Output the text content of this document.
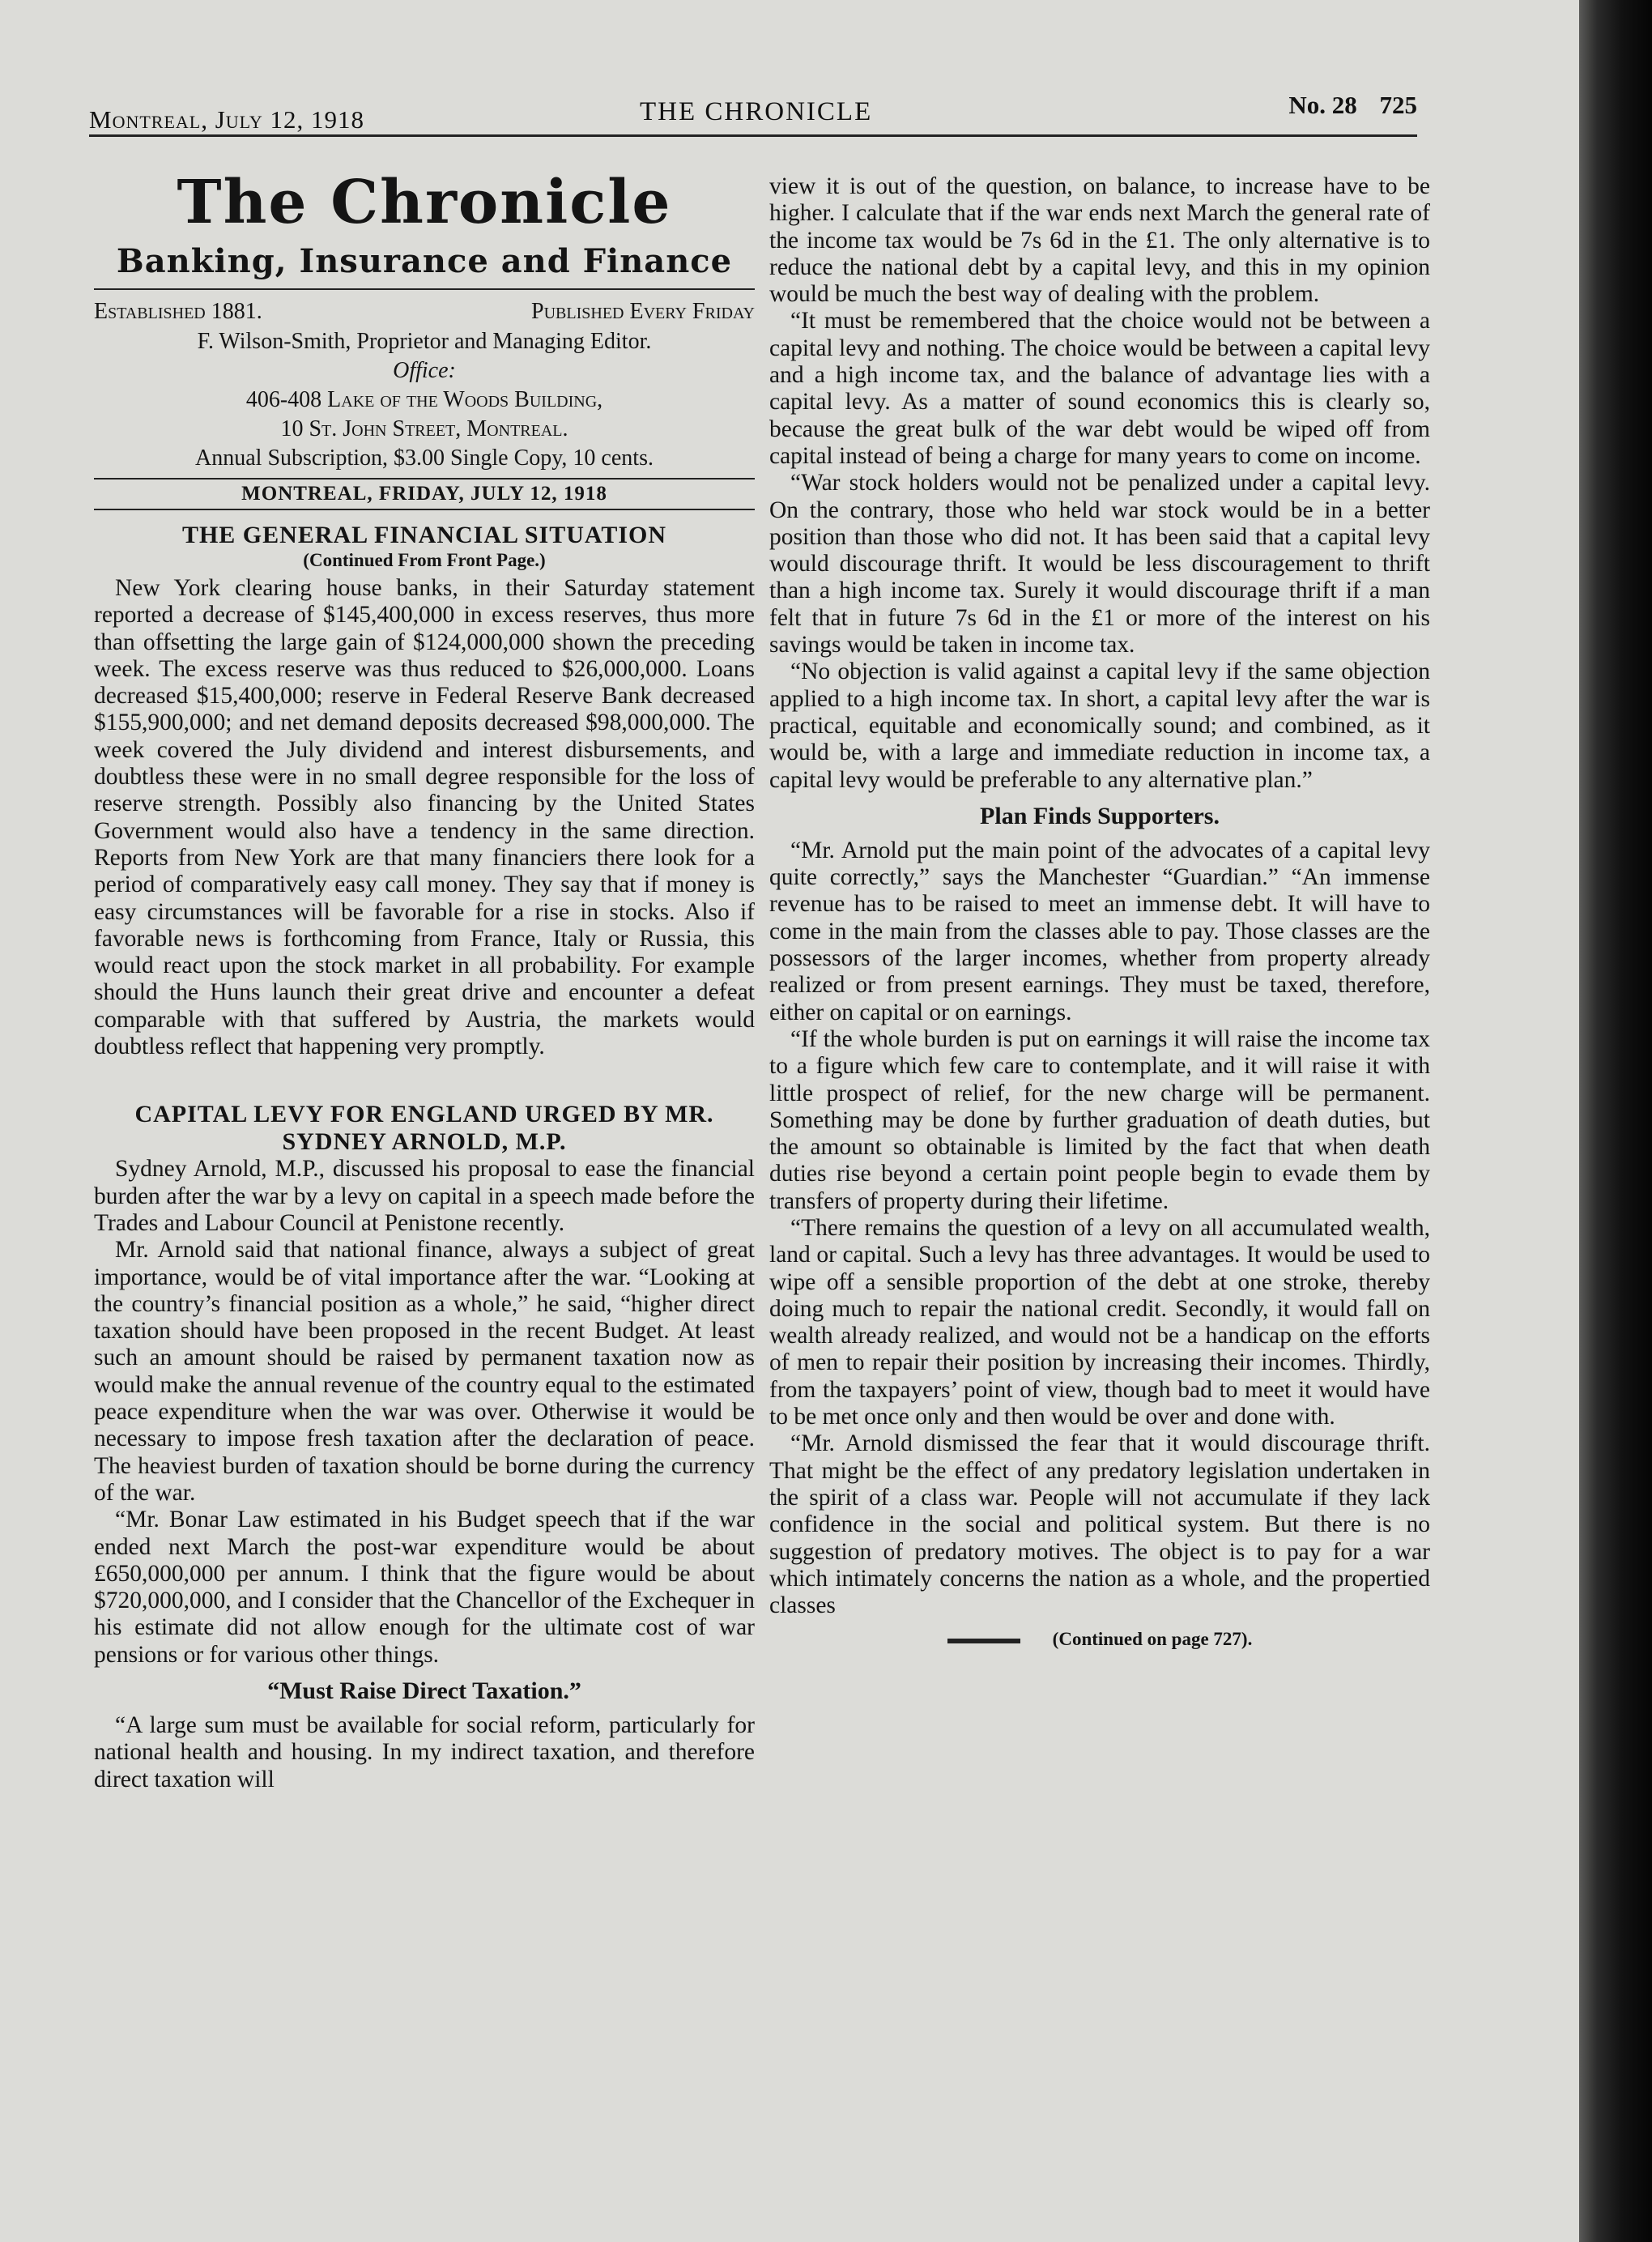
Montreal, July 12, 1918	THE CHRONICLE	No. 28 725
The Chronicle
Banking, Insurance and Finance
Established 1881.	Published Every Friday
F. Wilson-Smith, Proprietor and Managing Editor.
Office:
406-408 Lake of the Woods Building,
10 St. John Street, Montreal.
Annual Subscription, $3.00 Single Copy, 10 cents.
MONTREAL, FRIDAY, JULY 12, 1918
THE GENERAL FINANCIAL SITUATION
(Continued From Front Page.)

New York clearing house banks, in their Saturday statement reported a decrease of $145,400,000 in excess reserves, thus more than offsetting the large gain of $124,000,000 shown the preceding week. The excess reserve was thus reduced to $26,000,000. Loans decreased $15,400,000; reserve in Federal Reserve Bank decreased $155,900,000; and net demand deposits decreased $98,000,000. The week covered the July dividend and interest disbursements, and doubtless these were in no small degree responsible for the loss of reserve strength. Possibly also financing by the United States Government would also have a tendency in the same direction. Reports from New York are that many financiers there look for a period of comparatively easy call money. They say that if money is easy circumstances will be favorable for a rise in stocks. Also if favorable news is forthcoming from France, Italy or Russia, this would react upon the stock market in all probability. For example should the Huns launch their great drive and encounter a defeat comparable with that suffered by Austria, the markets would doubtless reflect that happening very promptly.

CAPITAL LEVY FOR ENGLAND URGED BY MR. SYDNEY ARNOLD, M.P.

Sydney Arnold, M.P., discussed his proposal to ease the financial burden after the war by a levy on capital in a speech made before the Trades and Labour Council at Penistone recently.

Mr. Arnold said that national finance, always a subject of great importance, would be of vital importance after the war. “Looking at the country’s financial position as a whole,” he said, “higher direct taxation should have been proposed in the recent Budget. At least such an amount should be raised by permanent taxation now as would make the annual revenue of the country equal to the estimated peace expenditure when the war was over. Otherwise it would be necessary to impose fresh taxation after the declaration of peace. The heaviest burden of taxation should be borne during the currency of the war.

“Mr. Bonar Law estimated in his Budget speech that if the war ended next March the post-war expenditure would be about £650,000,000 per annum. I think that the figure would be about $720,000,000, and I consider that the Chancellor of the Exchequer in his estimate did not allow enough for the ultimate cost of war pensions or for various other things.

“Must Raise Direct Taxation.”

“A large sum must be available for social reform, particularly for national health and housing. In my indirect taxation, and therefore direct taxation will

view it is out of the question, on balance, to increase have to be higher. I calculate that if the war ends next March the general rate of the income tax would be 7s 6d in the £1. The only alternative is to reduce the national debt by a capital levy, and this in my opinion would be much the best way of dealing with the problem.

“It must be remembered that the choice would not be between a capital levy and nothing. The choice would be between a capital levy and a high income tax, and the balance of advantage lies with a capital levy. As a matter of sound economics this is clearly so, because the great bulk of the war debt would be wiped off from capital instead of being a charge for many years to come on income.

“War stock holders would not be penalized under a capital levy. On the contrary, those who held war stock would be in a better position than those who did not. It has been said that a capital levy would discourage thrift. It would be less discouragement to thrift than a high income tax. Surely it would discourage thrift if a man felt that in future 7s 6d in the £1 or more of the interest on his savings would be taken in income tax.

“No objection is valid against a capital levy if the same objection applied to a high income tax. In short, a capital levy after the war is practical, equitable and economically sound; and combined, as it would be, with a large and immediate reduction in income tax, a capital levy would be preferable to any alternative plan.”

Plan Finds Supporters.

“Mr. Arnold put the main point of the advocates of a capital levy quite correctly,” says the Manchester “Guardian.” “An immense revenue has to be raised to meet an immense debt. It will have to come in the main from the classes able to pay. Those classes are the possessors of the larger incomes, whether from property already realized or from present earnings. They must be taxed, therefore, either on capital or on earnings.

“If the whole burden is put on earnings it will raise the income tax to a figure which few care to contemplate, and it will raise it with little prospect of relief, for the new charge will be permanent. Something may be done by further graduation of death duties, but the amount so obtainable is limited by the fact that when death duties rise beyond a certain point people begin to evade them by transfers of property during their lifetime.

“There remains the question of a levy on all accumulated wealth, land or capital. Such a levy has three advantages. It would be used to wipe off a sensible proportion of the debt at one stroke, thereby doing much to repair the national credit. Secondly, it would fall on wealth already realized, and would not be a handicap on the efforts of men to repair their position by increasing their incomes. Thirdly, from the taxpayers’ point of view, though bad to meet it would have to be met once only and then would be over and done with.

“Mr. Arnold dismissed the fear that it would discourage thrift. That might be the effect of any predatory legislation undertaken in the spirit of a class war. People will not accumulate if they lack confidence in the social and political system. But there is no suggestion of predatory motives. The object is to pay for a war which intimately concerns the nation as a whole, and the propertied classes

(Continued on page 727).
